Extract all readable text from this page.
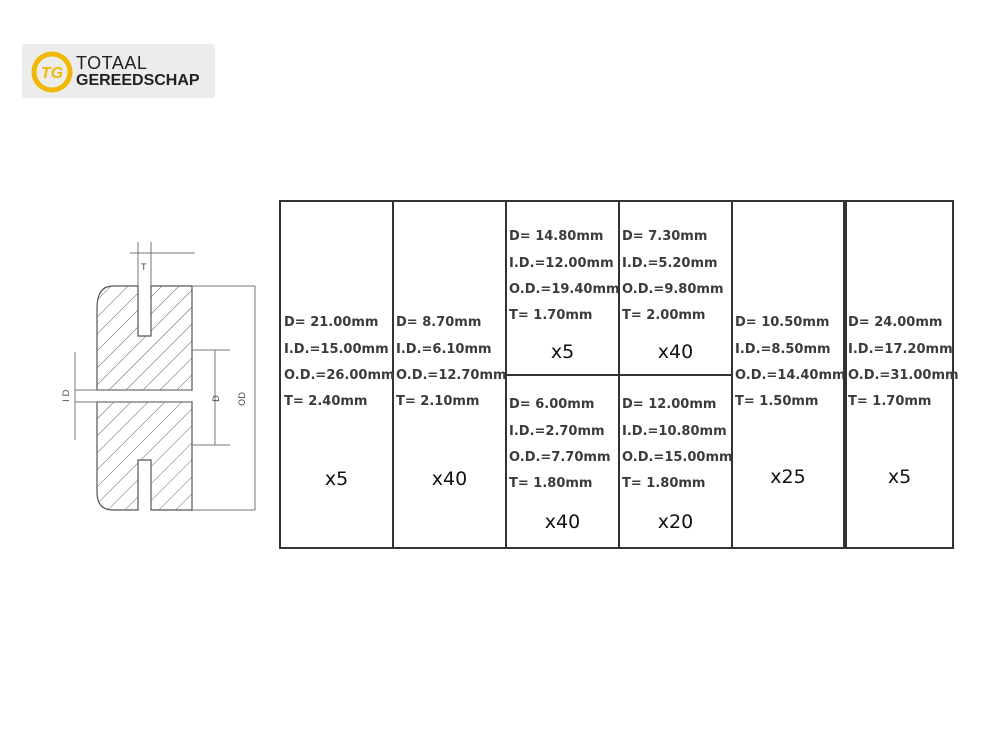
TG
TOTAAL
GEREEDSCHAP
T
I D	D OD
D= 21.00mm
I.D.=15.00mm
O.D.=26.00mm
T= 2.40mm
x5
D= 8.70mm
I.D.=6.10mm
O.D.=12.70mm
T= 2.10mm
x40
D= 14.80mm
I.D.=12.00mm
O.D.=19.40mm
T= 1.70mm
x5
D= 6.00mm
I.D.=2.70mm
O.D.=7.70mm
T= 1.80mm
x40
D= 7.30mm
I.D.=5.20mm
O.D.=9.80mm
T= 2.00mm
x40
D= 12.00mm
I.D.=10.80mm
O.D.=15.00mm
T= 1.80mm
x20
D= 10.50mm
I.D.=8.50mm
O.D.=14.40mm
T= 1.50mm
x25
D= 24.00mm
I.D.=17.20mm
O.D.=31.00mm
T= 1.70mm
x5
